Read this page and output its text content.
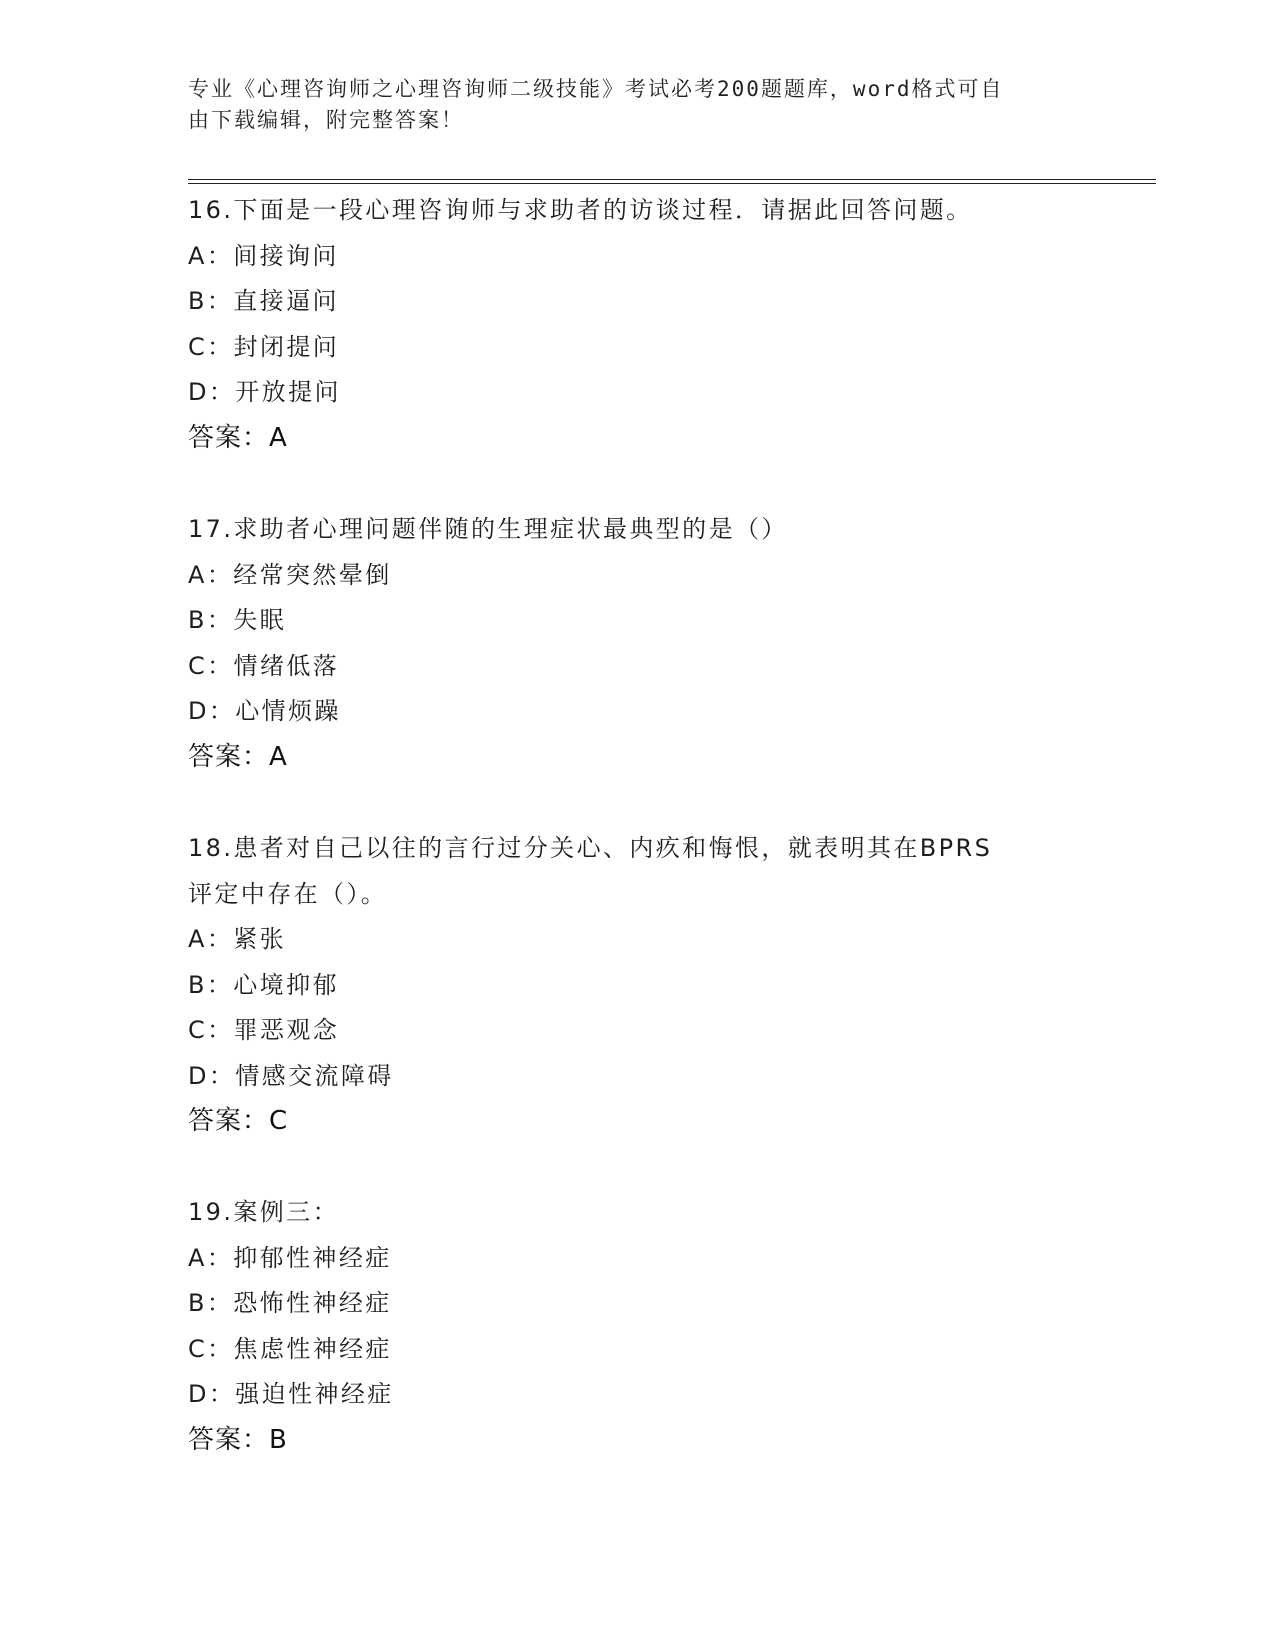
专业《心理咨询师之心理咨询师二级技能》考试必考200题题库，word格式可自
由下载编辑，附完整答案！
16.下面是一段心理咨询师与求助者的访谈过程．请据此回答问题。
A：间接询问
B：直接逼问
C：封闭提问
D：开放提问
答案：A
17.求助者心理问题伴随的生理症状最典型的是（）
A：经常突然晕倒
B：失眠
C：情绪低落
D：心情烦躁
答案：A
18.患者对自己以往的言行过分关心、内疚和悔恨，就表明其在BPRS
评定中存在（）。
A：紧张
B：心境抑郁
C：罪恶观念
D：情感交流障碍
答案：C
19.案例三：
A：抑郁性神经症
B：恐怖性神经症
C：焦虑性神经症
D：强迫性神经症
答案：B
